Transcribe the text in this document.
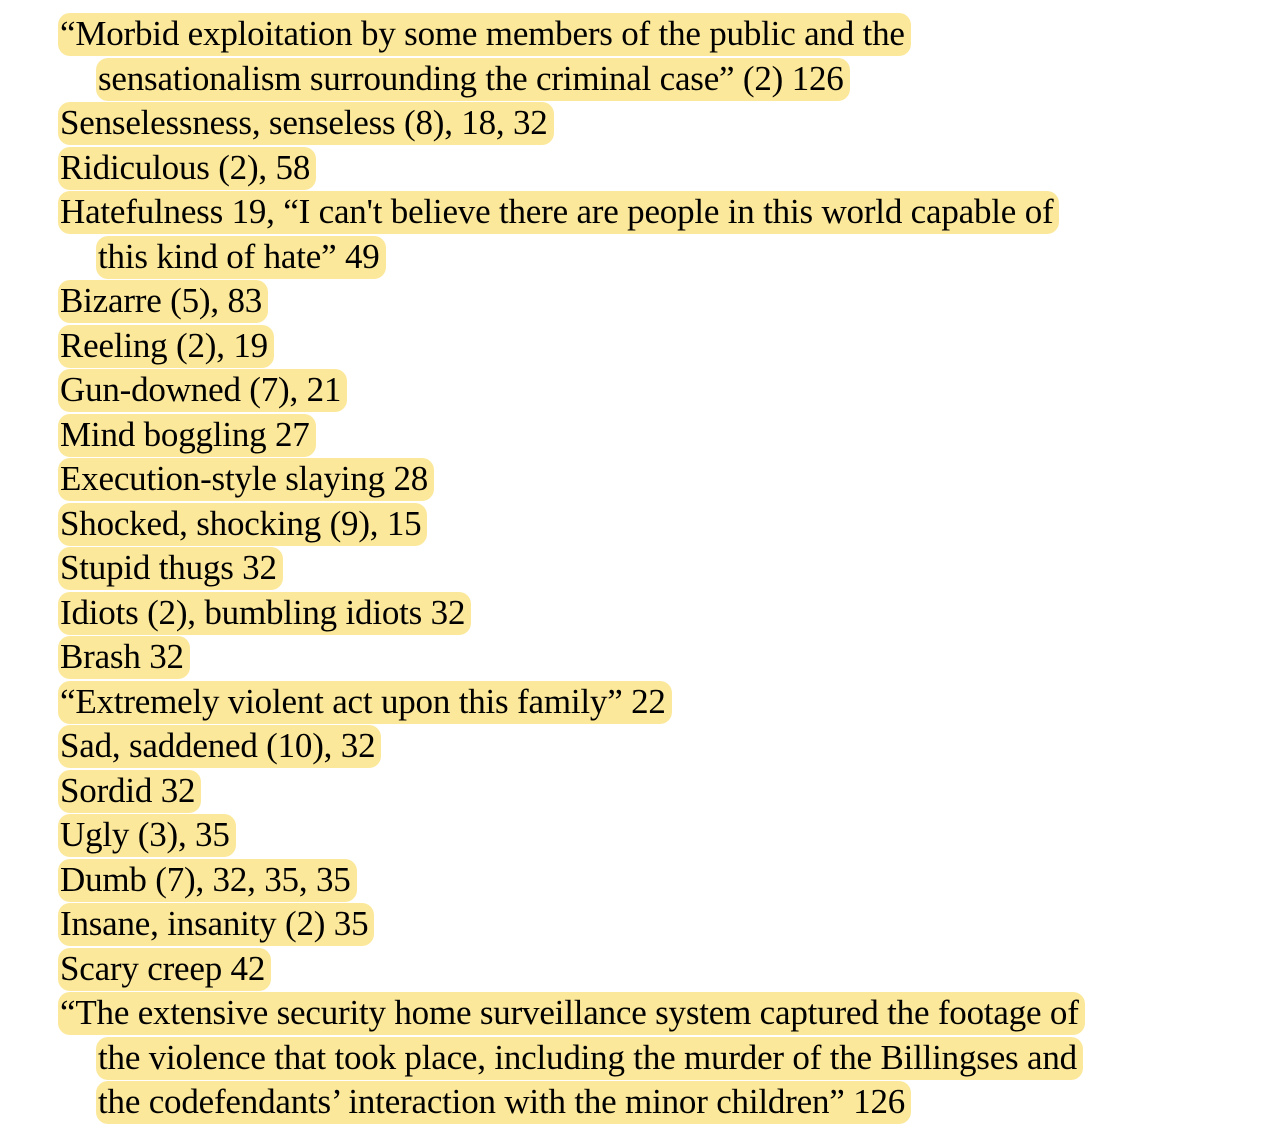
“Morbid exploitation by some members of the public and the
sensationalism surrounding the criminal case” (2) 126

Senselessness, senseless (8), 18, 32

Ridiculous (2), 58

Hatefulness 19, “I can't believe there are people in this world capable of
this kind of hate” 49

Bizarre (5), 83

Reeling (2), 19

Gun-downed (7), 21

Mind boggling 27

Execution-style slaying 28

Shocked, shocking (9), 15

Stupid thugs 32

Idiots (2), bumbling idiots 32

Brash 32

“Extremely violent act upon this family” 22

Sad, saddened (10), 32

Sordid 32

Ugly (3), 35

Dumb (7), 32, 35, 35

Insane, insanity (2) 35

Scary creep 42

“The extensive security home surveillance system captured the footage of
the violence that took place, including the murder of the Billingses and
the codefendants’ interaction with the minor children” 126
